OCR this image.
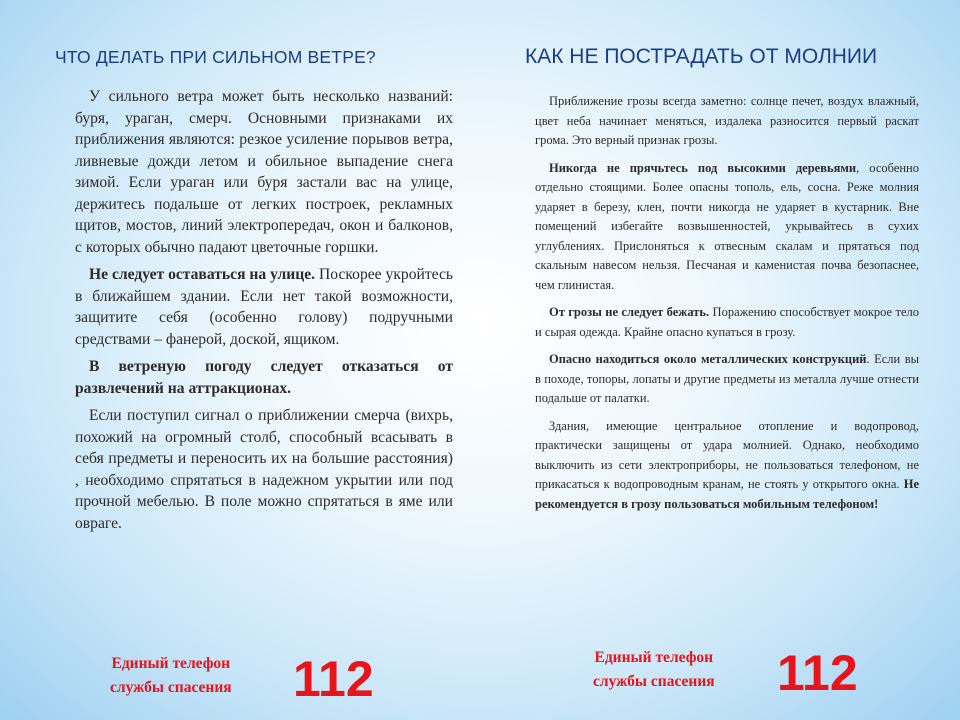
ЧТО ДЕЛАТЬ ПРИ СИЛЬНОМ ВЕТРЕ?

У сильного ветра может быть несколько названий: буря, ураган, смерч. Основными признаками их приближения являются: резкое усиление порывов ветра, ливневые дожди летом и обильное выпадение снега зимой. Если ураган или буря застали вас на улице, держитесь подальше от легких построек, рекламных щитов, мостов, линий электропередач, окон и балконов, с которых обычно падают цветочные горшки.

Не следует оставаться на улице. Поскорее укройтесь в ближайшем здании. Если нет такой возможности, защитите себя (особенно голову) подручными средствами – фанерой, доской, ящиком.

В ветреную погоду следует отказаться от развлечений на аттракционах.

Если поступил сигнал о приближении смерча (вихрь, похожий на огромный столб, способный всасывать в себя предметы и переносить их на большие расстояния) , необходимо спрятаться в надежном укрытии или под прочной мебелью. В поле можно спрятаться в яме или овраге.

Единый телефон
службы спасения 112
КАК НЕ ПОСТРАДАТЬ ОТ МОЛНИИ

Приближение грозы всегда заметно: солнце печет, воздух влажный, цвет неба начинает меняться, издалека разносится первый раскат грома. Это верный признак грозы.

Никогда не прячьтесь под высокими деревьями, особенно отдельно стоящими. Более опасны тополь, ель, сосна. Реже молния ударяет в березу, клен, почти никогда не ударяет в кустарник. Вне помещений избегайте возвышенностей, укрывайтесь в сухих углублениях. Прислоняться к отвесным скалам и прятаться под скальным навесом нельзя. Песчаная и каменистая почва безопаснее, чем глинистая.

От грозы не следует бежать. Поражению способствует мокрое тело и сырая одежда. Крайне опасно купаться в грозу.

Опасно находиться около металлических конструкций. Если вы в походе, топоры, лопаты и другие предметы из металла лучше отнести подальше от палатки.

Здания, имеющие центральное отопление и водопровод, практически защищены от удара молнией. Однако, необходимо выключить из сети электроприборы, не пользоваться телефоном, не прикасаться к водопроводным кранам, не стоять у открытого окна. Не рекомендуется в грозу пользоваться мобильным телефоном!

Единый телефон
службы спасения 112
